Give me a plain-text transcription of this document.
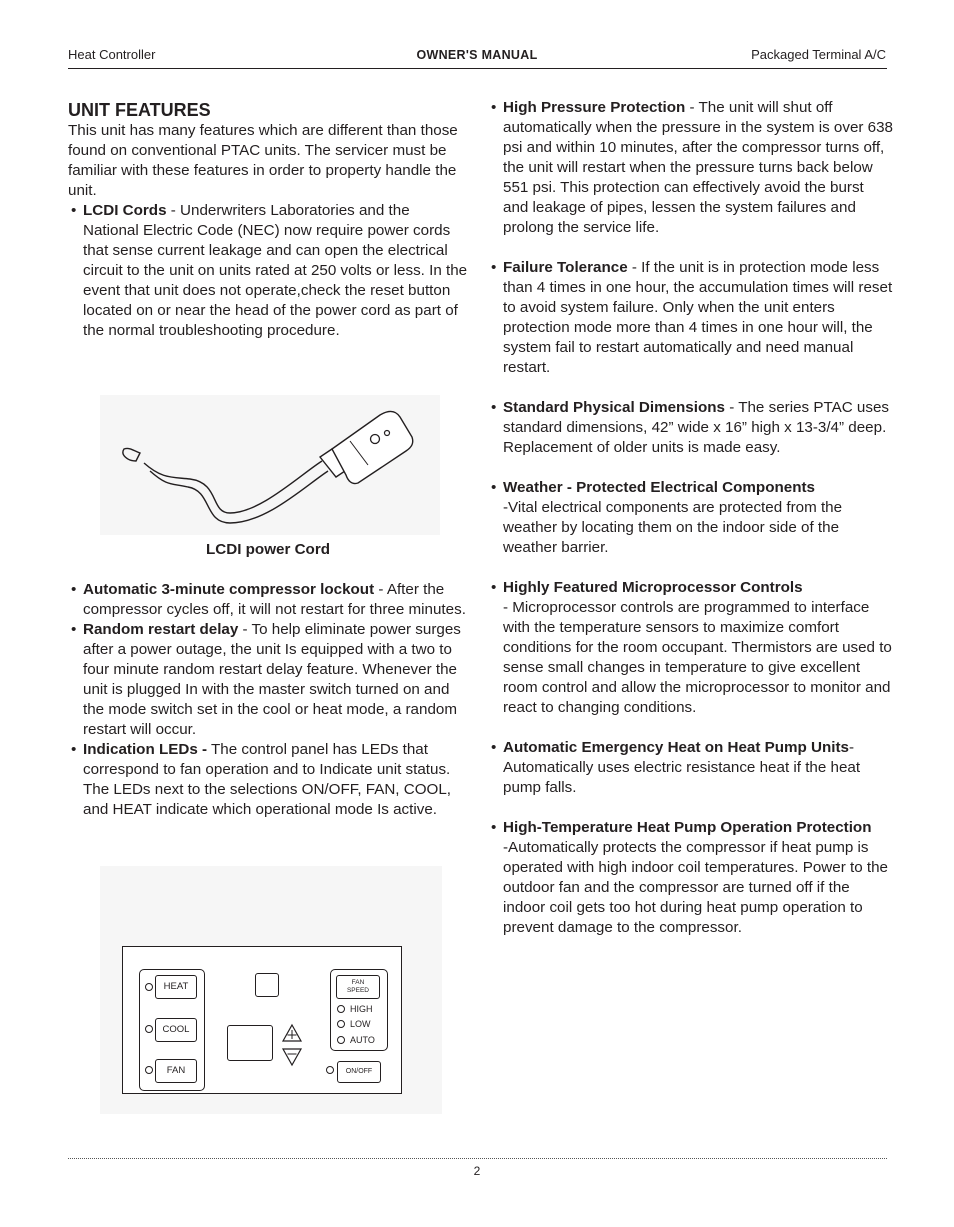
Heat Controller	OWNER'S MANUAL	Packaged Terminal A/C
UNIT FEATURES

This unit has many features which are different than those found on conventional PTAC units. The servicer must be familiar with these features in order to property handle the unit.

• LCDI Cords - Underwriters Laboratories and the National Electric Code (NEC) now require power cords that sense current leakage and can open the electrical circuit to the unit on units rated at 250 volts or less. In the event that unit does not operate,check the reset button located on or near the head of the power cord as part of the normal troubleshooting procedure.
LCDI power Cord
• Automatic 3-minute compressor lockout - After the compressor cycles off, it will not restart for three minutes.
• Random restart delay - To help eliminate power surges after a power outage, the unit Is equipped with a two to four minute random restart delay feature. Whenever the unit is plugged In with the master switch turned on and the mode switch set in the cool or heat mode, a random restart will occur.
• Indication LEDs - The control panel has LEDs that correspond to fan operation and to Indicate unit status. The LEDs next to the selections ON/OFF, FAN, COOL, and HEAT indicate which operational mode Is active.
HEAT
COOL
FAN
FAN
SPEED
HIGH
LOW
AUTO
ON/OFF
• High Pressure Protection - The unit will shut off automatically when the pressure in the system is over 638 psi and within 10 minutes, after the compressor turns off, the unit will restart when the pressure turns back below 551 psi. This protection can effectively avoid the burst and leakage of pipes, lessen the system failures and prolong the service life.
• Failure Tolerance - If the unit is in protection mode less than 4 times in one hour, the accumulation times will reset to avoid system failure. Only when the unit enters protection mode more than 4 times in one hour will, the system fail to restart automatically and need manual restart.
• Standard Physical Dimensions - The series PTAC uses standard dimensions, 42” wide x 16” high x 13-3/4” deep.
Replacement of older units is made easy.
• Weather - Protected Electrical Components
-Vital electrical components are protected from the weather by locating them on the indoor side of the weather barrier.
• Highly Featured Microprocessor Controls
- Microprocessor controls are programmed to interface with the temperature sensors to maximize comfort conditions for the room occupant. Thermistors are used to sense small changes in temperature to give excellent room control and allow the microprocessor to monitor and react to changing conditions.
• Automatic Emergency Heat on Heat Pump Units-Automatically uses electric resistance heat if the heat pump falls.
• High-Temperature Heat Pump Operation Protection
-Automatically protects the compressor if heat pump is operated with high indoor coil temperatures. Power to the outdoor fan and the compressor are turned off if the indoor coil gets too hot during heat pump operation to prevent damage to the compressor.
2
